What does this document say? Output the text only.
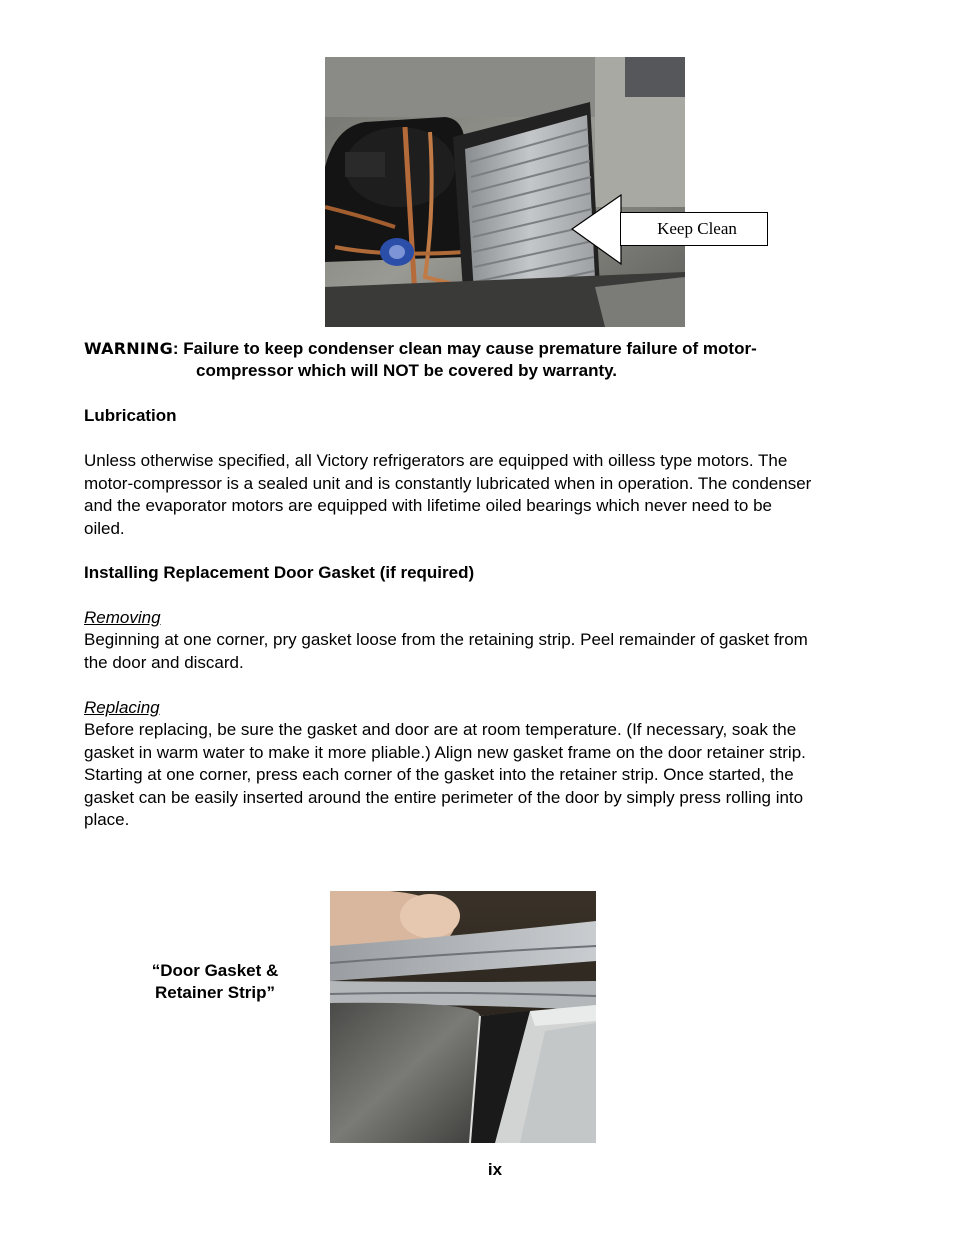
Keep Clean
WARNING: Failure to keep condenser clean may cause premature failure of motor-
compressor which will NOT be covered by warranty.
Lubrication
Unless otherwise specified, all Victory refrigerators are equipped with oilless type motors. The
motor-compressor is a sealed unit and is constantly lubricated when in operation. The condenser
and the evaporator motors are equipped with lifetime oiled bearings which never need to be
oiled.
Installing Replacement Door Gasket (if required)
Removing
Beginning at one corner, pry gasket loose from the retaining strip. Peel remainder of gasket from
the door and discard.
Replacing
Before replacing, be sure the gasket and door are at room temperature. (If necessary, soak the
gasket in warm water to make it more pliable.) Align new gasket frame on the door retainer strip.
Starting at one corner, press each corner of the gasket into the retainer strip. Once started, the
gasket can be easily inserted around the entire perimeter of the door by simply press rolling into
place.
“Door Gasket &
Retainer Strip”
ix
